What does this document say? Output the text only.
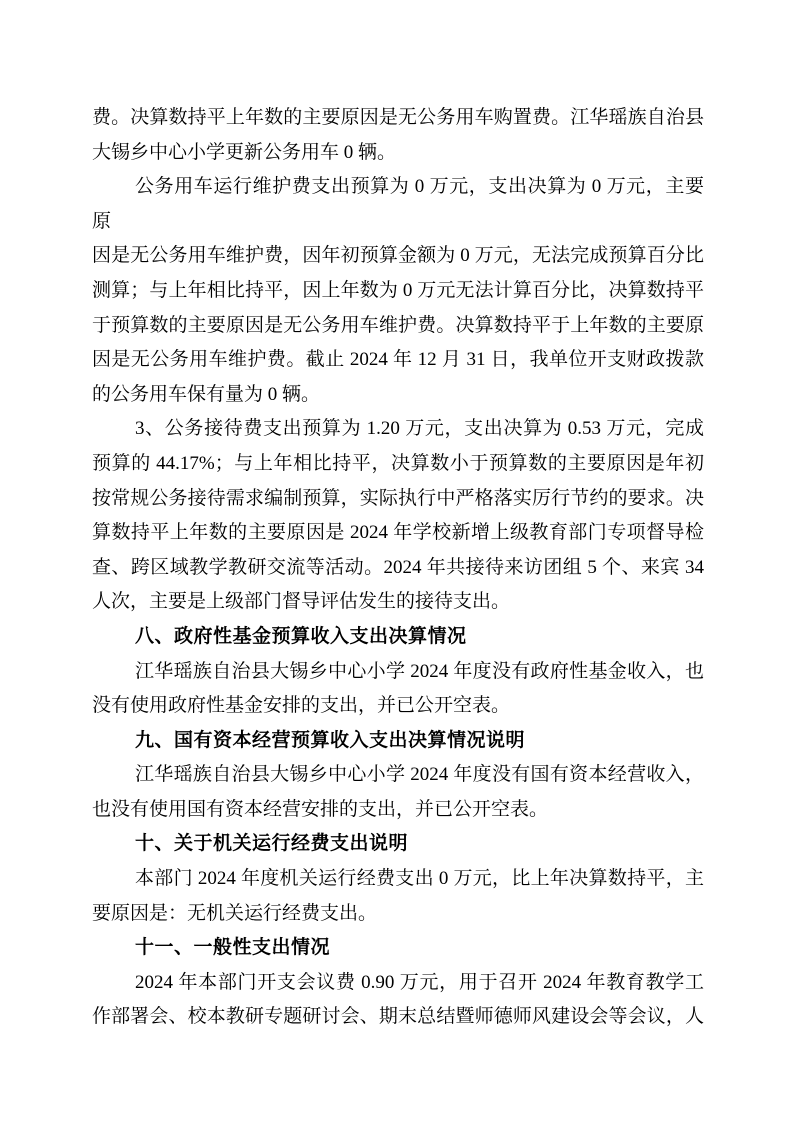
费。决算数持平上年数的主要原因是无公务用车购置费。江华瑶族自治县
大锡乡中心小学更新公务用车 0 辆。
公务用车运行维护费支出预算为 0 万元，支出决算为 0 万元，主要原
因是无公务用车维护费，因年初预算金额为 0 万元，无法完成预算百分比
测算；与上年相比持平，因上年数为 0 万元无法计算百分比，决算数持平
于预算数的主要原因是无公务用车维护费。决算数持平于上年数的主要原
因是无公务用车维护费。截止 2024 年 12 月 31 日，我单位开支财政拨款
的公务用车保有量为 0 辆。
3、公务接待费支出预算为 1.20 万元，支出决算为 0.53 万元，完成
预算的 44.17%；与上年相比持平，决算数小于预算数的主要原因是年初
按常规公务接待需求编制预算，实际执行中严格落实厉行节约的要求。决
算数持平上年数的主要原因是 2024 年学校新增上级教育部门专项督导检
查、跨区域教学教研交流等活动。2024 年共接待来访团组 5 个、来宾 34
人次，主要是上级部门督导评估发生的接待支出。
八、政府性基金预算收入支出决算情况
江华瑶族自治县大锡乡中心小学 2024 年度没有政府性基金收入，也
没有使用政府性基金安排的支出，并已公开空表。
九、国有资本经营预算收入支出决算情况说明
江华瑶族自治县大锡乡中心小学 2024 年度没有国有资本经营收入，
也没有使用国有资本经营安排的支出，并已公开空表。
十、关于机关运行经费支出说明
本部门 2024 年度机关运行经费支出 0 万元，比上年决算数持平，主
要原因是：无机关运行经费支出。
十一、一般性支出情况
2024 年本部门开支会议费 0.90 万元，用于召开 2024 年教育教学工
作部署会、校本教研专题研讨会、期末总结暨师德师风建设会等会议，人
